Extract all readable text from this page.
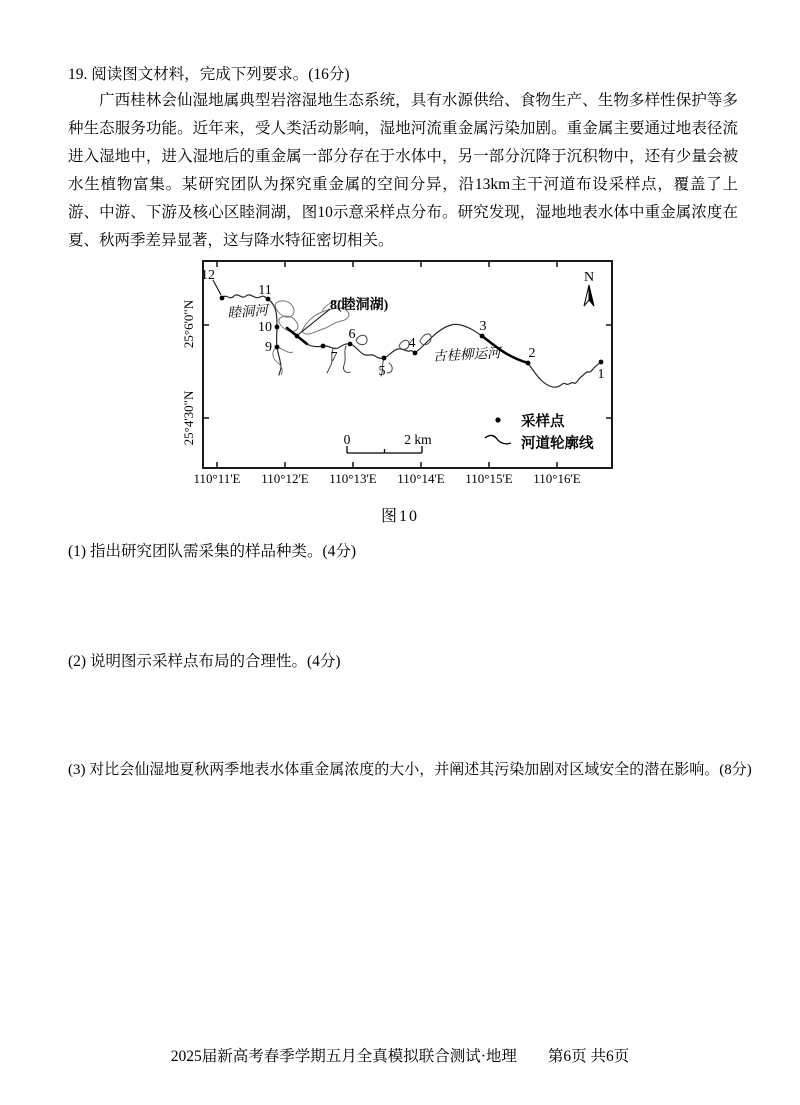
19. 阅读图文材料，完成下列要求。(16分)
广西桂林会仙湿地属典型岩溶湿地生态系统，具有水源供给、食物生产、生物多样性保护等多种生态服务功能。近年来，受人类活动影响，湿地河流重金属污染加剧。重金属主要通过地表径流进入湿地中，进入湿地后的重金属一部分存在于水体中，另一部分沉降于沉积物中，还有少量会被水生植物富集。某研究团队为探究重金属的空间分异，沿13km主干河道布设采样点，覆盖了上游、中游、下游及核心区睦洞湖，图10示意采样点分布。研究发现，湿地地表水体中重金属浓度在夏、秋两季差异显著，这与降水特征密切相关。
110°11'E 110°12'E 110°13'E 110°14'E 110°15'E 110°16'E
25°6'0"N
25°4'30"N
1
2
3
4
5
6
7
8(睦洞湖)
9
10
11
12
睦洞河
古桂柳运河
N
采样点
河道轮廓线
0	2 km
图10
(1) 指出研究团队需采集的样品种类。(4分)
(2) 说明图示采样点布局的合理性。(4分)
(3) 对比会仙湿地夏秋两季地表水体重金属浓度的大小，并阐述其污染加剧对区域安全的潜在影响。(8分)
2025届新高考春季学期五月全真模拟联合测试·地理　　第6页 共6页
